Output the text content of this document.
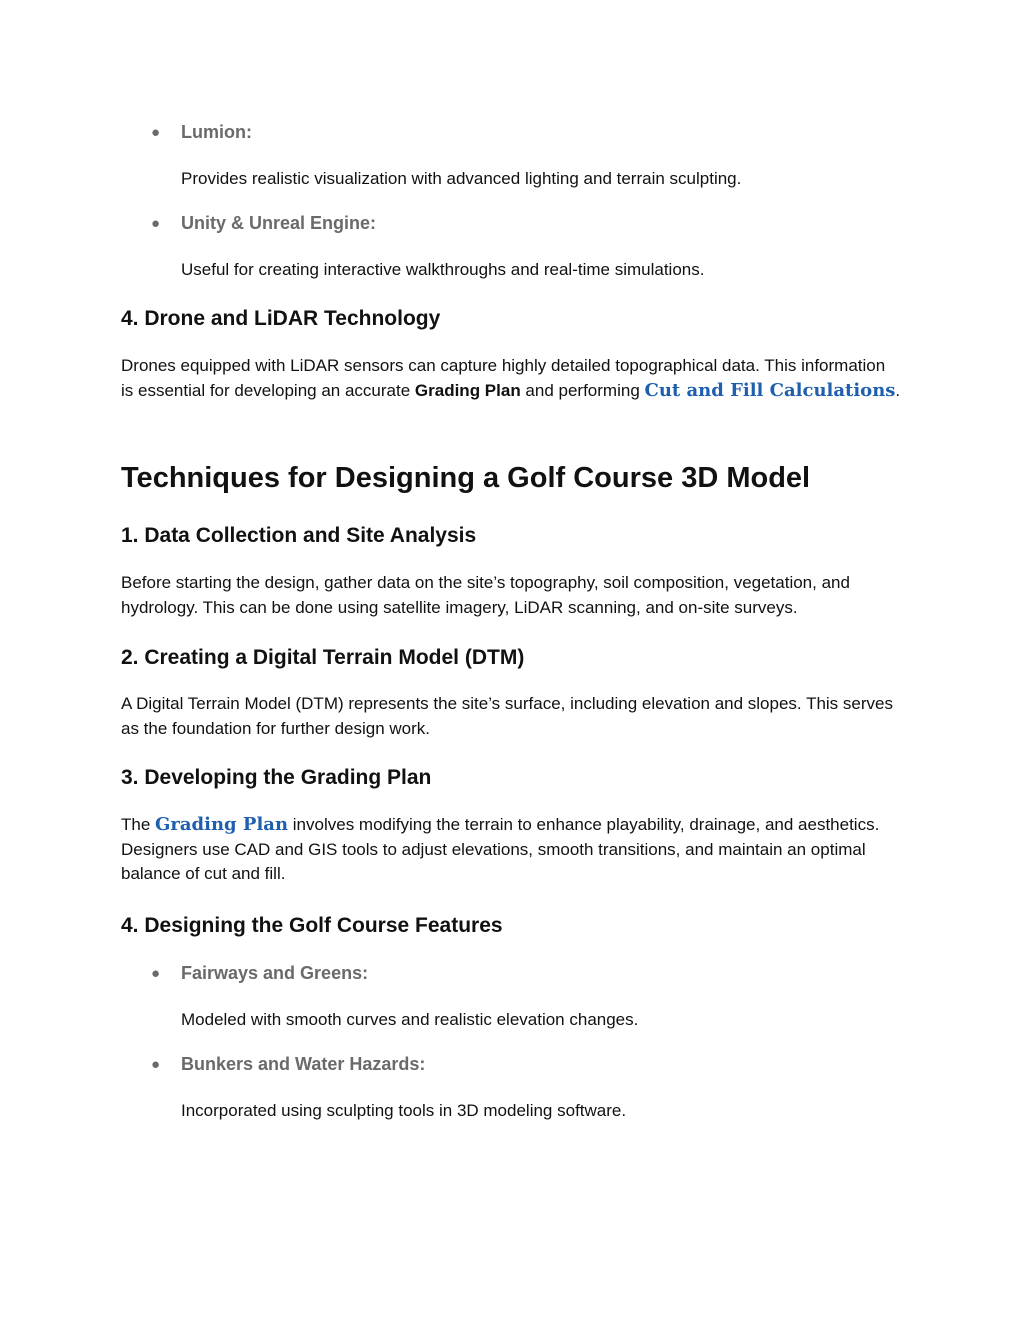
● Lumion:

Provides realistic visualization with advanced lighting and terrain sculpting.

● Unity & Unreal Engine:

Useful for creating interactive walkthroughs and real-time simulations.

4. Drone and LiDAR Technology

Drones equipped with LiDAR sensors can capture highly detailed topographical data. This information is essential for developing an accurate Grading Plan and performing Cut and Fill Calculations.

Techniques for Designing a Golf Course 3D Model
1. Data Collection and Site Analysis

Before starting the design, gather data on the site’s topography, soil composition, vegetation, and hydrology. This can be done using satellite imagery, LiDAR scanning, and on-site surveys.

2. Creating a Digital Terrain Model (DTM)

A Digital Terrain Model (DTM) represents the site’s surface, including elevation and slopes. This serves as the foundation for further design work.

3. Developing the Grading Plan

The Grading Plan involves modifying the terrain to enhance playability, drainage, and aesthetics. Designers use CAD and GIS tools to adjust elevations, smooth transitions, and maintain an optimal balance of cut and fill.

4. Designing the Golf Course Features
● Fairways and Greens:

Modeled with smooth curves and realistic elevation changes.

● Bunkers and Water Hazards:

Incorporated using sculpting tools in 3D modeling software.
